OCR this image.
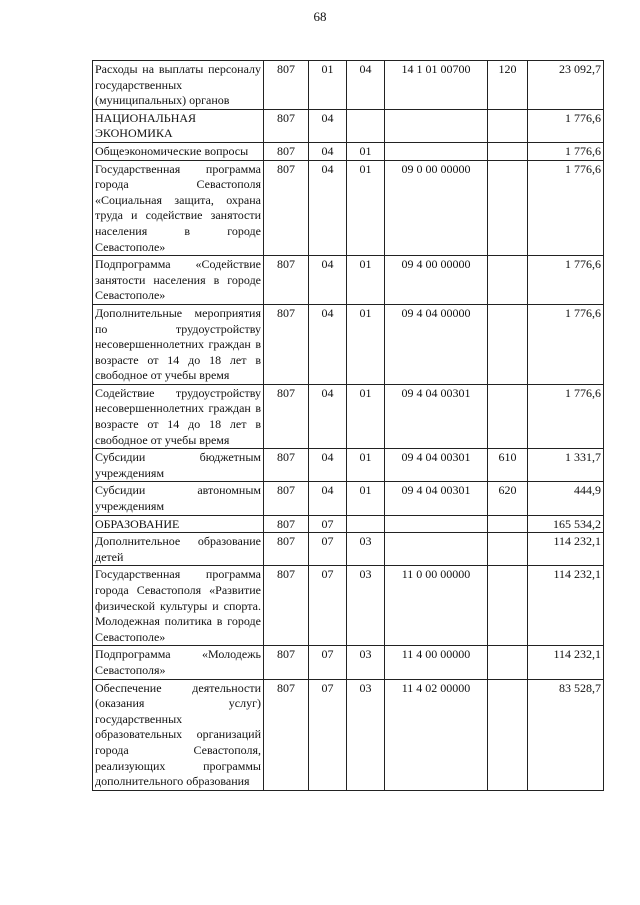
68
Расходы на выплаты персоналу государственных (муниципальных) органов	807	01	04	14 1 01 00700	120	23 092,7
НАЦИОНАЛЬНАЯ ЭКОНОМИКА	807	04				1 776,6
Общеэкономические вопросы	807	04	01			1 776,6
Государственная программа города Севастополя «Социальная защита, охрана труда и содействие занятости населения в городе Севастополе»	807	04	01	09 0 00 00000		1 776,6
Подпрограмма «Содействие занятости населения в городе Севастополе»	807	04	01	09 4 00 00000		1 776,6
Дополнительные мероприятия по трудоустройству несовершеннолетних граждан в возрасте от 14 до 18 лет в свободное от учебы время	807	04	01	09 4 04 00000		1 776,6
Содействие трудоустройству несовершеннолетних граждан в возрасте от 14 до 18 лет в свободное от учебы время	807	04	01	09 4 04 00301		1 776,6
Субсидии бюджетным учреждениям	807	04	01	09 4 04 00301	610	1 331,7
Субсидии автономным учреждениям	807	04	01	09 4 04 00301	620	444,9
ОБРАЗОВАНИЕ	807	07				165 534,2
Дополнительное образование детей	807	07	03			114 232,1
Государственная программа города Севастополя «Развитие физической культуры и спорта. Молодежная политика в городе Севастополе»	807	07	03	11 0 00 00000		114 232,1
Подпрограмма «Молодежь Севастополя»	807	07	03	11 4 00 00000		114 232,1
Обеспечение деятельности (оказания услуг) государственных образовательных организаций города Севастополя, реализующих программы дополнительного образования	807	07	03	11 4 02 00000		83 528,7
